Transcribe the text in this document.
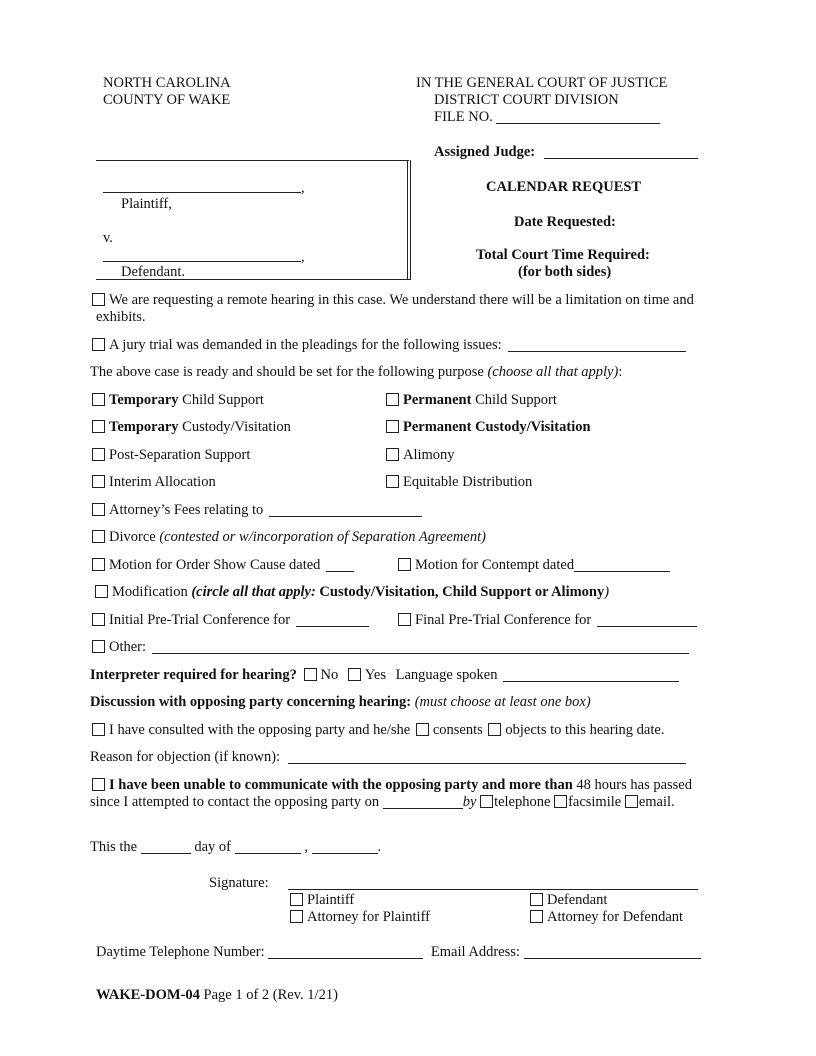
NORTH CAROLINA
COUNTY OF WAKE
IN THE GENERAL COURT OF JUSTICE
DISTRICT COURT DIVISION
FILE NO.
Assigned Judge:
,
Plaintiff,
v.
,
Defendant.
CALENDAR REQUEST
Date Requested:
Total Court Time Required:
(for both sides)
We are requesting a remote hearing in this case. We understand there will be a limitation on time and
exhibits.
A jury trial was demanded in the pleadings for the following issues:
The above case is ready and should be set for the following purpose (choose all that apply):
Temporary Child Support	Permanent Child Support
Temporary Custody/Visitation	Permanent Custody/Visitation
Post-Separation Support	Alimony
Interim Allocation	Equitable Distribution
Attorney’s Fees relating to
Divorce (contested or w/incorporation of Separation Agreement)
Motion for Order Show Cause dated	Motion for Contempt dated
Modification (circle all that apply: Custody/Visitation, Child Support or Alimony)
Initial Pre-Trial Conference for	Final Pre-Trial Conference for
Other:
Interpreter required for hearing? No Yes Language spoken
Discussion with opposing party concerning hearing: (must choose at least one box)
I have consulted with the opposing party and he/she consents objects to this hearing date.
Reason for objection (if known):
I have been unable to communicate with the opposing party and more than 48 hours has passed
since I attempted to contact the opposing party on	by telephone facsimile email.
This the	day of	,	.
Signature:
Plaintiff	Defendant
Attorney for Plaintiff	Attorney for Defendant
Daytime Telephone Number:	Email Address:
WAKE-DOM-04 Page 1 of 2 (Rev. 1/21)
